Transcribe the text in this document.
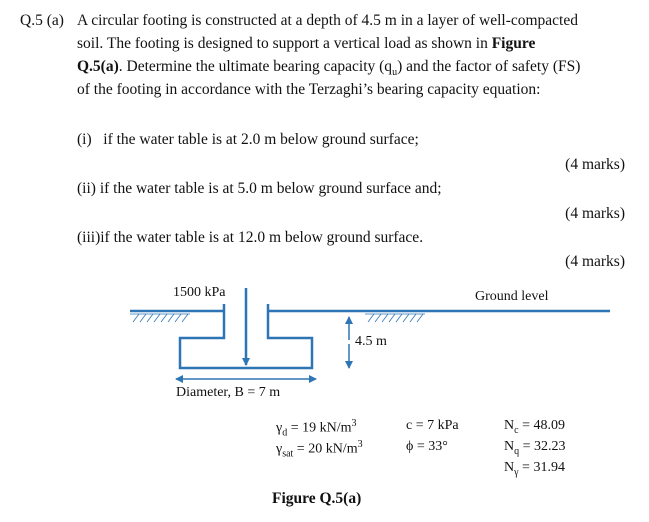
Q.5 (a) A circular footing is constructed at a depth of 4.5 m in a layer of well-compacted
soil. The footing is designed to support a vertical load as shown in Figure
Q.5(a). Determine the ultimate bearing capacity $(q_u)$ and the factor of safety (FS)
of the footing in accordance with the Terzaghi’s bearing capacity equation:
(i) if the water table is at 2.0 m below ground surface;
(4 marks)
(ii) if the water table is at 5.0 m below ground surface and;
(4 marks)
(iii)if the water table is at 12.0 m below ground surface.
(4 marks)
1500 kPa	Ground level
4.5 m
Diameter, B = 7 m
$\gamma_d = 19$ $kN/m^3$
$\gamma_{sat} = 20$ $kN/m^3$
c = 7 kPa
ϕ = 33°
$N_c = 48.09$
$N_q = 32.23$
$N_\gamma = 31.94$
Figure Q.5(a)
